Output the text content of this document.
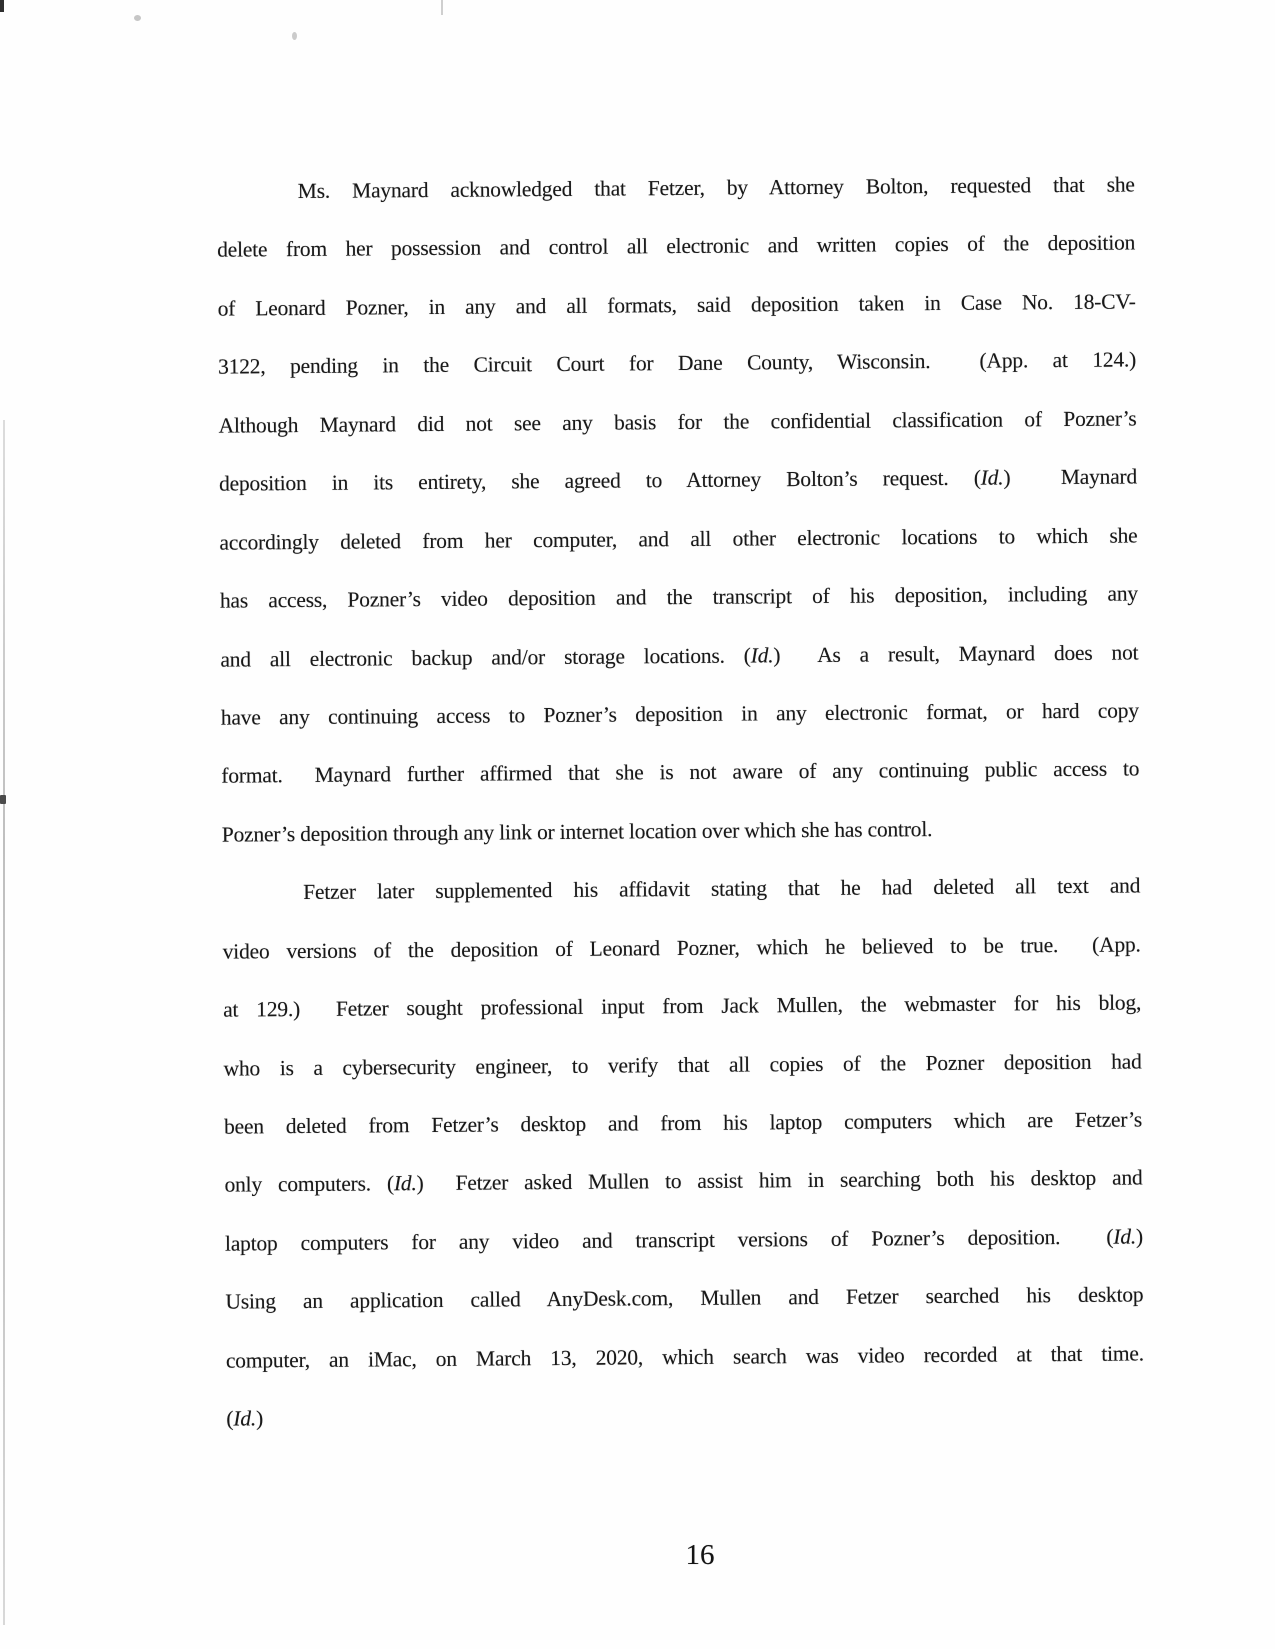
Ms. Maynard acknowledged that Fetzer, by Attorney Bolton, requested that she
delete from her possession and control all electronic and written copies of the deposition
of Leonard Pozner, in any and all formats, said deposition taken in Case No. 18-CV-
3122, pending in the Circuit Court for Dane County, Wisconsin.  (App. at 124.)
Although Maynard did not see any basis for the confidential classification of Pozner’s
deposition in its entirety, she agreed to Attorney Bolton’s request. (Id.)  Maynard
accordingly deleted from her computer, and all other electronic locations to which she
has access, Pozner’s video deposition and the transcript of his deposition, including any
and all electronic backup and/or storage locations. (Id.)  As a result, Maynard does not
have any continuing access to Pozner’s deposition in any electronic format, or hard copy
format.  Maynard further affirmed that she is not aware of any continuing public access to
Pozner’s deposition through any link or internet location over which she has control.
Fetzer later supplemented his affidavit stating that he had deleted all text and
video versions of the deposition of Leonard Pozner, which he believed to be true.  (App.
at 129.)  Fetzer sought professional input from Jack Mullen, the webmaster for his blog,
who is a cybersecurity engineer, to verify that all copies of the Pozner deposition had
been deleted from Fetzer’s desktop and from his laptop computers which are Fetzer’s
only computers. (Id.)  Fetzer asked Mullen to assist him in searching both his desktop and
laptop computers for any video and transcript versions of Pozner’s deposition.  (Id.)
Using an application called AnyDesk.com, Mullen and Fetzer searched his desktop
computer, an iMac, on March 13, 2020, which search was video recorded at that time.
(Id.)
16
